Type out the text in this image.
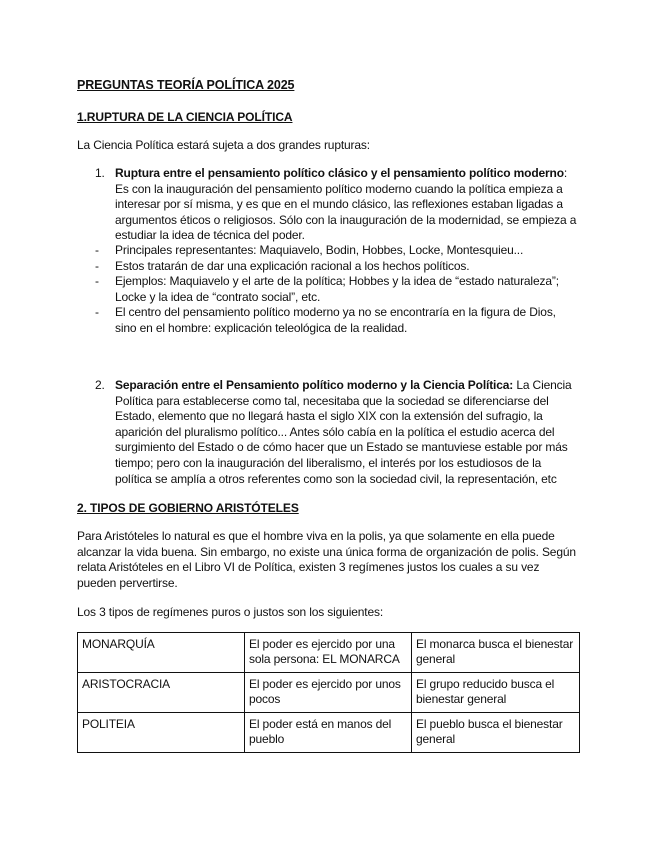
PREGUNTAS TEORÍA POLÍTICA 2025
1.RUPTURA DE LA CIENCIA POLÍTICA

La Ciencia Política estará sujeta a dos grandes rupturas:

1. Ruptura entre el pensamiento político clásico y el pensamiento político moderno: Es con la inauguración del pensamiento político moderno cuando la política empieza a interesar por sí misma, y es que en el mundo clásico, las reflexiones estaban ligadas a argumentos éticos o religiosos. Sólo con la inauguración de la modernidad, se empieza a estudiar la idea de técnica del poder.
- Principales representantes: Maquiavelo, Bodin, Hobbes, Locke, Montesquieu...
- Estos tratarán de dar una explicación racional a los hechos políticos.
- Ejemplos: Maquiavelo y el arte de la política; Hobbes y la idea de “estado naturaleza”; Locke y la idea de “contrato social”, etc.
- El centro del pensamiento político moderno ya no se encontraría en la figura de Dios, sino en el hombre: explicación teleológica de la realidad.
2. Separación entre el Pensamiento político moderno y la Ciencia Política: La Ciencia Política para establecerse como tal, necesitaba que la sociedad se diferenciarse del Estado, elemento que no llegará hasta el siglo XIX con la extensión del sufragio, la aparición del pluralismo político... Antes sólo cabía en la política el estudio acerca del surgimiento del Estado o de cómo hacer que un Estado se mantuviese estable por más tiempo; pero con la inauguración del liberalismo, el interés por los estudiosos de la política se amplía a otros referentes como son la sociedad civil, la representación, etc
2. TIPOS DE GOBIERNO ARISTÓTELES

Para Aristóteles lo natural es que el hombre viva en la polis, ya que solamente en ella puede alcanzar la vida buena. Sin embargo, no existe una única forma de organización de polis. Según relata Aristóteles en el Libro VI de Política, existen 3 regímenes justos los cuales a su vez pueden pervertirse.

Los 3 tipos de regímenes puros o justos son los siguientes:

MONARQUÍA	El poder es ejercido por una sola persona: EL MONARCA	El monarca busca el bienestar general
ARISTOCRACIA	El poder es ejercido por unos pocos	El grupo reducido busca el bienestar general
POLITEIA	El poder está en manos del pueblo	El pueblo busca el bienestar general
